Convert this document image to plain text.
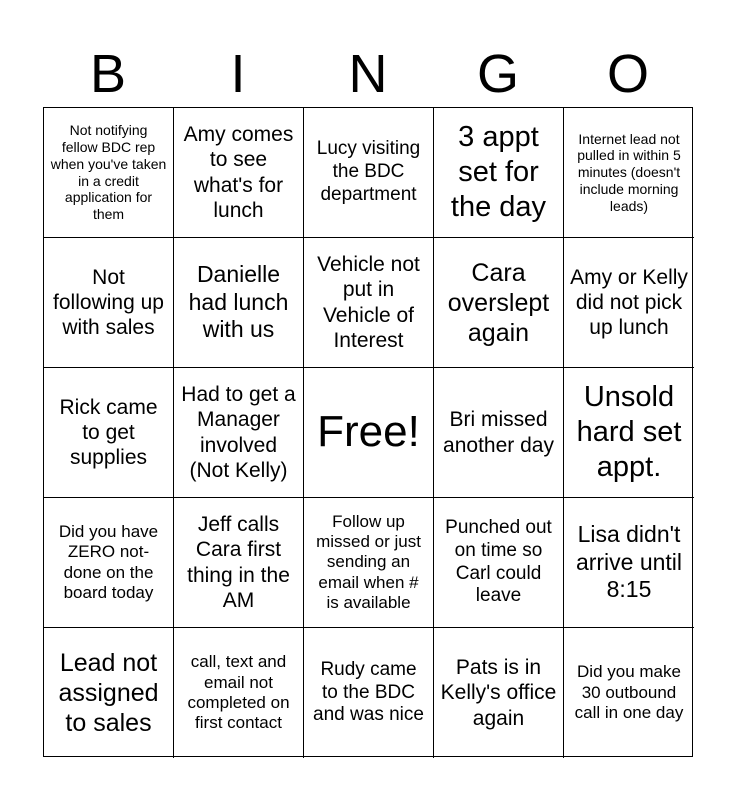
B	I	N	G	O
Not notifying fellow BDC rep when you've taken in a credit application for them
Amy comes to see what's for lunch
Lucy visiting the BDC department
3 appt set for the day
Internet lead not pulled in within 5 minutes (doesn't include morning leads)
Not following up with sales
Danielle had lunch with us
Vehicle not put in Vehicle of Interest
Cara overslept again
Amy or Kelly did not pick up lunch
Rick came to get supplies
Had to get a Manager involved (Not Kelly)
Free!	Bri missed another day
Unsold hard set appt.
Did you have ZERO not-done on the board today
Jeff calls Cara first thing in the AM
Follow up missed or just sending an email when # is available
Punched out on time so Carl could leave
Lisa didn't arrive until 8:15
Lead not assigned to sales
call, text and email not completed on first contact
Rudy came to the BDC and was nice
Pats is in Kelly's office again
Did you make 30 outbound call in one day
